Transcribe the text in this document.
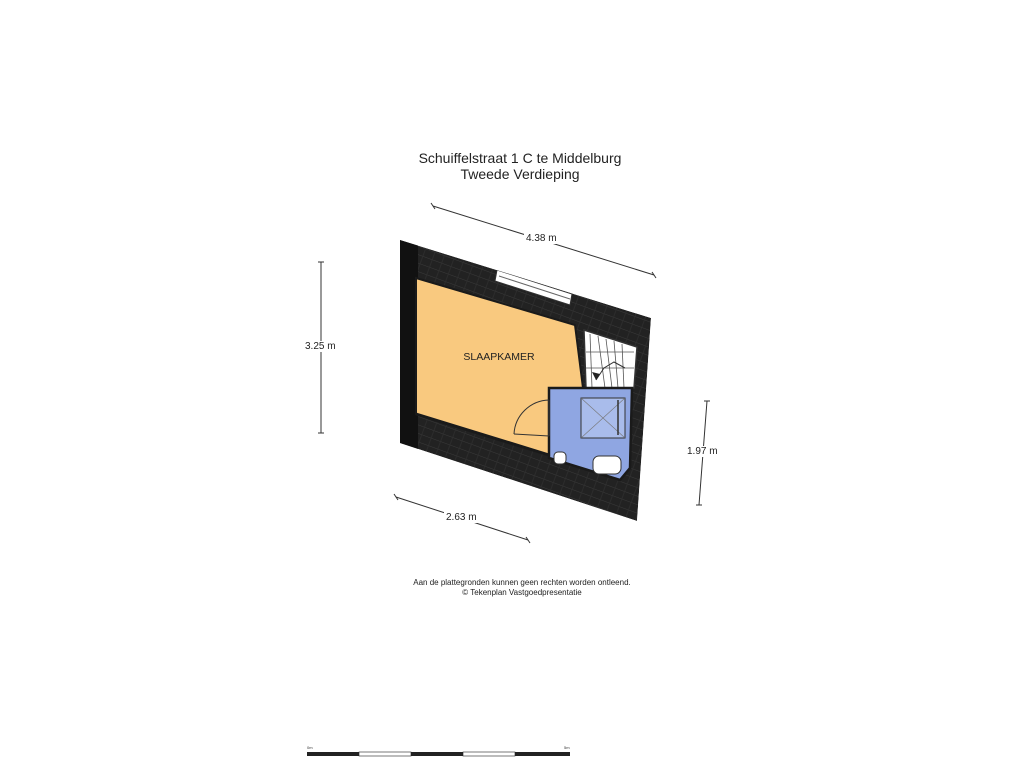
Schuiffelstraat 1 C te Middelburg
Tweede Verdieping
SLAAPKAMER
0m	5m
4.38 m
3.25 m
1.97 m
2.63 m
Aan de plattegronden kunnen geen rechten worden ontleend.
© Tekenplan Vastgoedpresentatie
